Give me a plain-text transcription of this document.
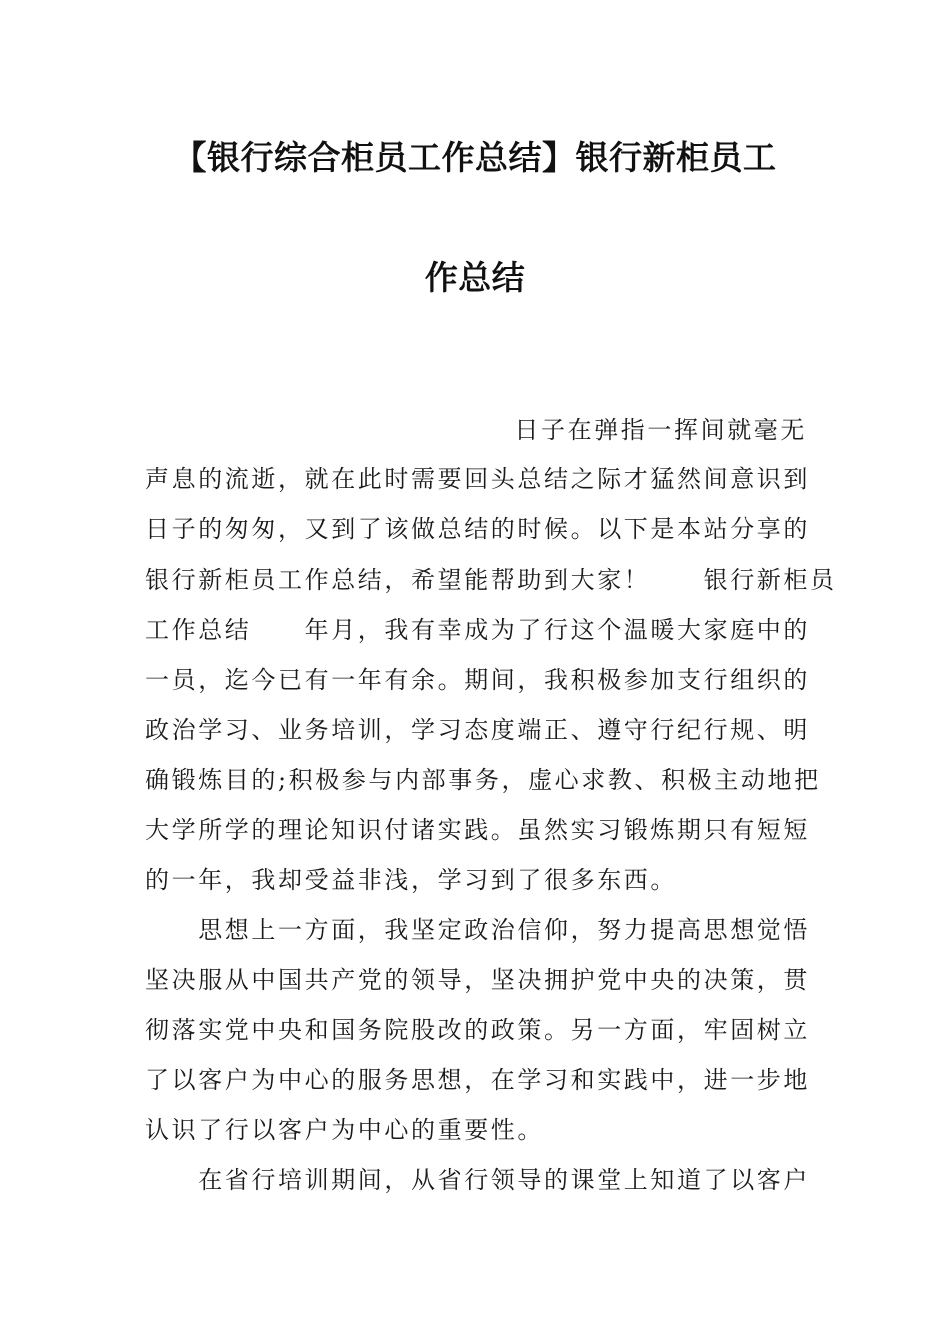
【银行综合柜员工作总结】银行新柜员工
作总结

日子在弹指一挥间就毫无

声息的流逝，就在此时需要回头总结之际才猛然间意识到

日子的匆匆，又到了该做总结的时候。以下是本站分享的

银行新柜员工作总结，希望能帮助到大家！　　银行新柜员

工作总结　　年月，我有幸成为了行这个温暖大家庭中的

一员，迄今已有一年有余。期间，我积极参加支行组织的

政治学习、业务培训，学习态度端正、遵守行纪行规、明

确锻炼目的;积极参与内部事务，虚心求教、积极主动地把

大学所学的理论知识付诸实践。虽然实习锻炼期只有短短

的一年，我却受益非浅，学习到了很多东西。

　　思想上一方面，我坚定政治信仰，努力提高思想觉悟

坚决服从中国共产党的领导，坚决拥护党中央的决策，贯

彻落实党中央和国务院股改的政策。另一方面，牢固树立

了以客户为中心的服务思想，在学习和实践中，进一步地

认识了行以客户为中心的重要性。

　　在省行培训期间，从省行领导的课堂上知道了以客户
